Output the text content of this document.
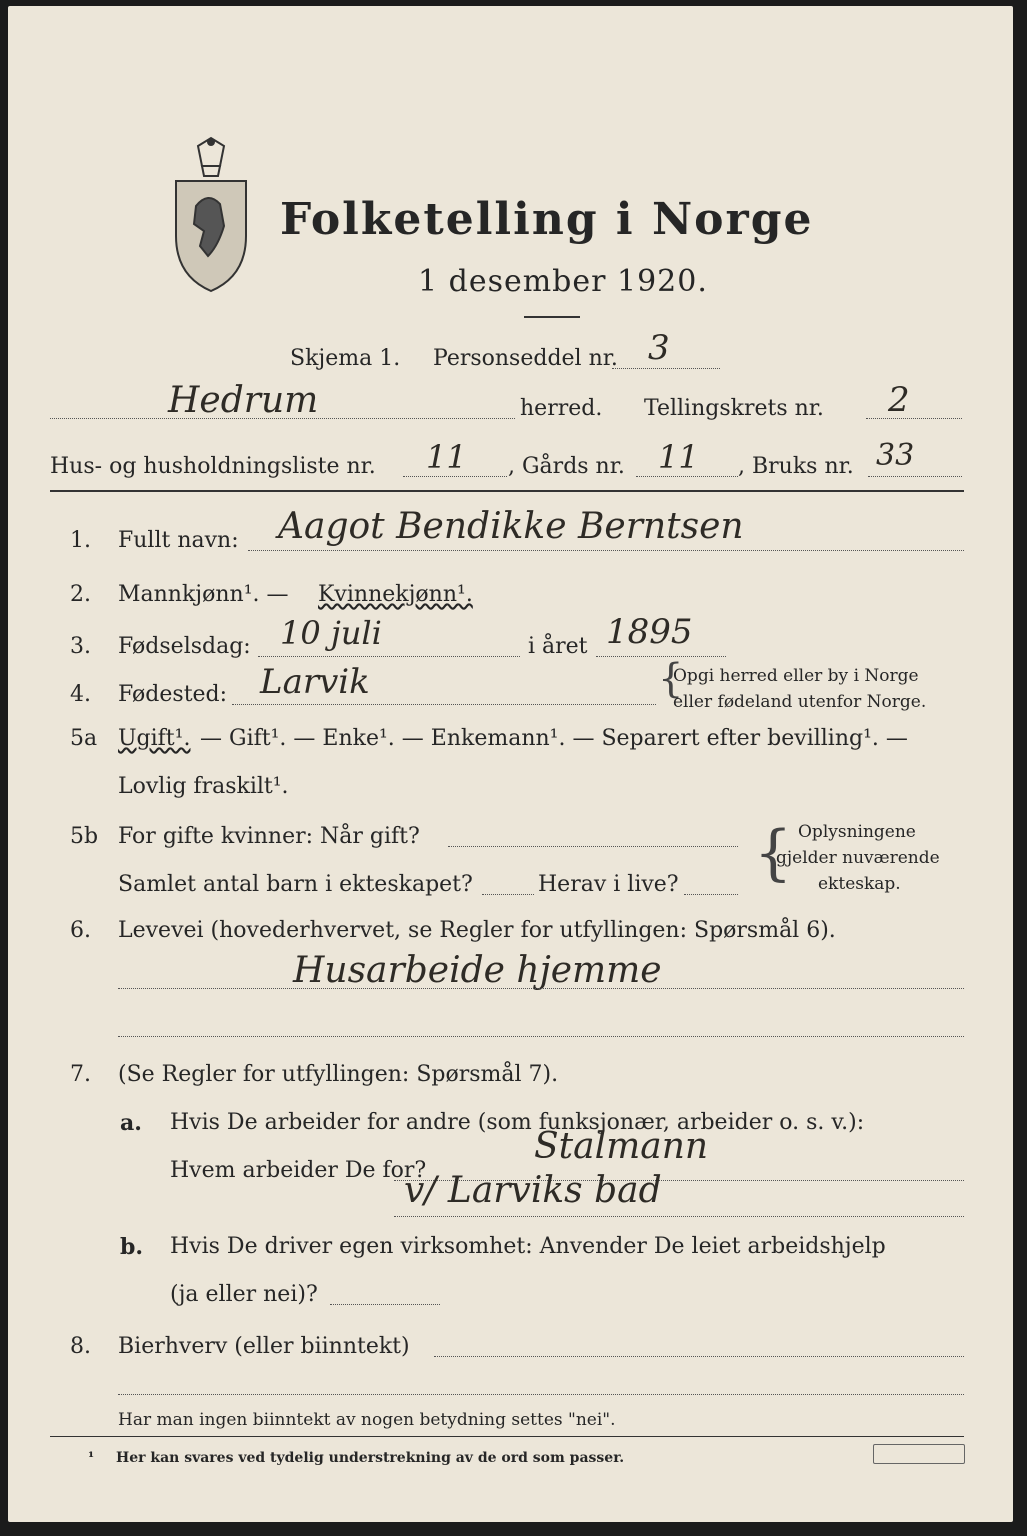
Folketelling i Norge
1 desember 1920.
Skjema 1. Personseddel nr. 3
Hedrum	herred. Tellingskrets nr. 2
Hus- og husholdningsliste nr. 11 , Gårds nr. 11 , Bruks nr. 33
1. Fullt navn: Aagot Bendikke Berntsen
2. Mannkjønn¹. — Kvinnekjønn¹.
3. Fødselsdag: 10 juli	i året 1895
4. Fødested: Larvik	{
Opgi herred eller by i Norge
eller fødeland utenfor Norge.
5a Ugift¹. — Gift¹. — Enke¹. — Enkemann¹. — Separert efter bevilling¹. —
Lovlig fraskilt¹.
5b For gifte kvinner: Når gift?
Samlet antal barn i ekteskapet?	Herav i live? { Oplysningene
gjelder nuværende
ekteskap.
6. Levevei (hovederhvervet, se Regler for utfyllingen: Spørsmål 6).
Husarbeide hjemme
7. (Se Regler for utfyllingen: Spørsmål 7).
a. Hvis De arbeider for andre (som funksjonær, arbeider o. s. v.):
Hvem arbeider De for?
Stalmann
v/ Larviks bad
b. Hvis De driver egen virksomhet: Anvender De leiet arbeidshjelp
(ja eller nei)?
8. Bierhverv (eller biinntekt)
Har man ingen biinntekt av nogen betydning settes "nei".
¹ Her kan svares ved tydelig understrekning av de ord som passer.
